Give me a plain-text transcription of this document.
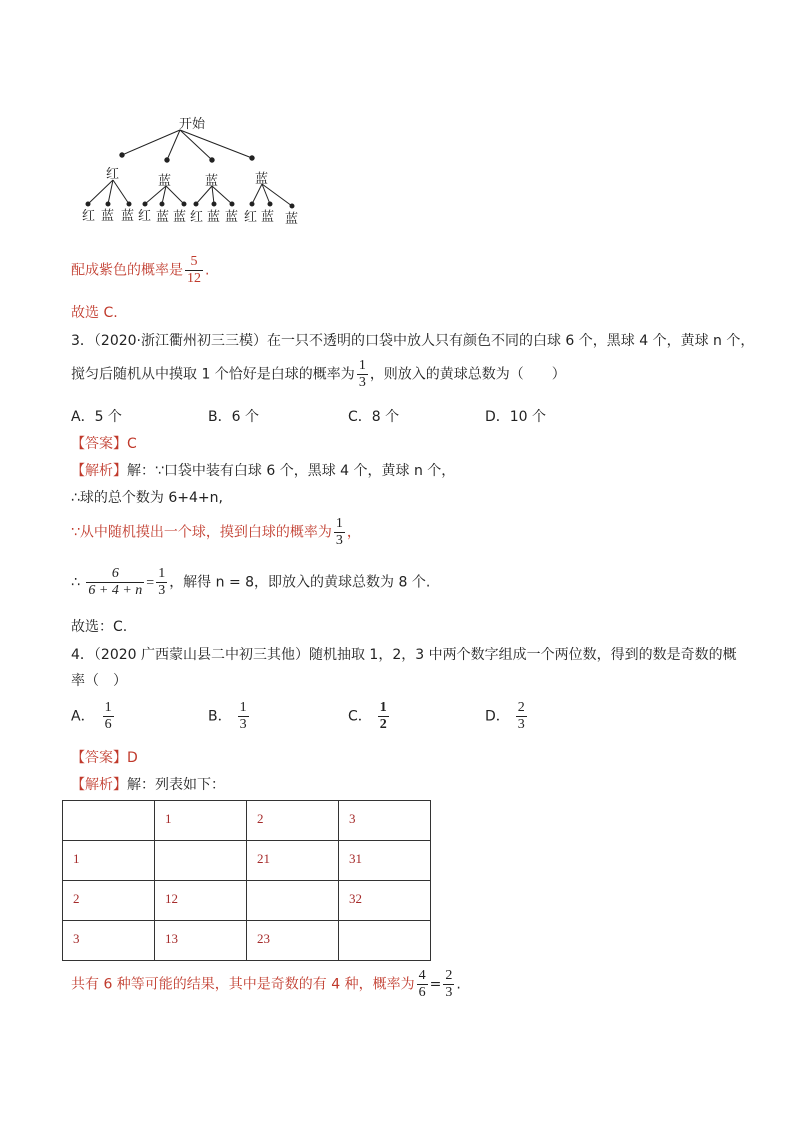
开始
红	蓝	蓝	蓝
红 蓝 蓝 红 蓝 蓝 红 蓝 蓝 红 蓝 蓝
配成紫色的概率是 $\frac{5}{12}$ .
故选 C.
3．（2020·浙江衢州初三三模）在一只不透明的口袋中放人只有颜色不同的白球 6 个，黑球 4 个，黄球 n 个，
搅匀后随机从中摸取 1 个恰好是白球的概率为 $\frac{1}{3}$ ，则放入的黄球总数为（　　）
A．5 个	B．6 个	C．8 个	D．10 个
【答案】C
【解析】解：∵口袋中装有白球 6 个，黑球 4 个，黄球 n 个，
∴球的总个数为 6+4+n,
∵从中随机摸出一个球，摸到白球的概率为 $\frac{1}{3}$ ，
∴ $\frac{6}{6 + 4 + n} = \frac{1}{3}$ ，解得 n = 8，即放入的黄球总数为 8 个.
故选：C.
4．（2020 广西蒙山县二中初三其他）随机抽取 1，2，3 中两个数字组成一个两位数，得到的数是奇数的概
率（　）
A． $\frac{1}{6}$	B． $\frac{1}{3}$	C． $\frac{1}{2}$	D． $\frac{2}{3}$
【答案】D
【解析】解：列表如下：
	1	2	3
1		21	31
2	12		32
3	13	23	
共有 6 种等可能的结果，其中是奇数的有 4 种，概率为 $\frac{4}{6} = \frac{2}{3}$ .
